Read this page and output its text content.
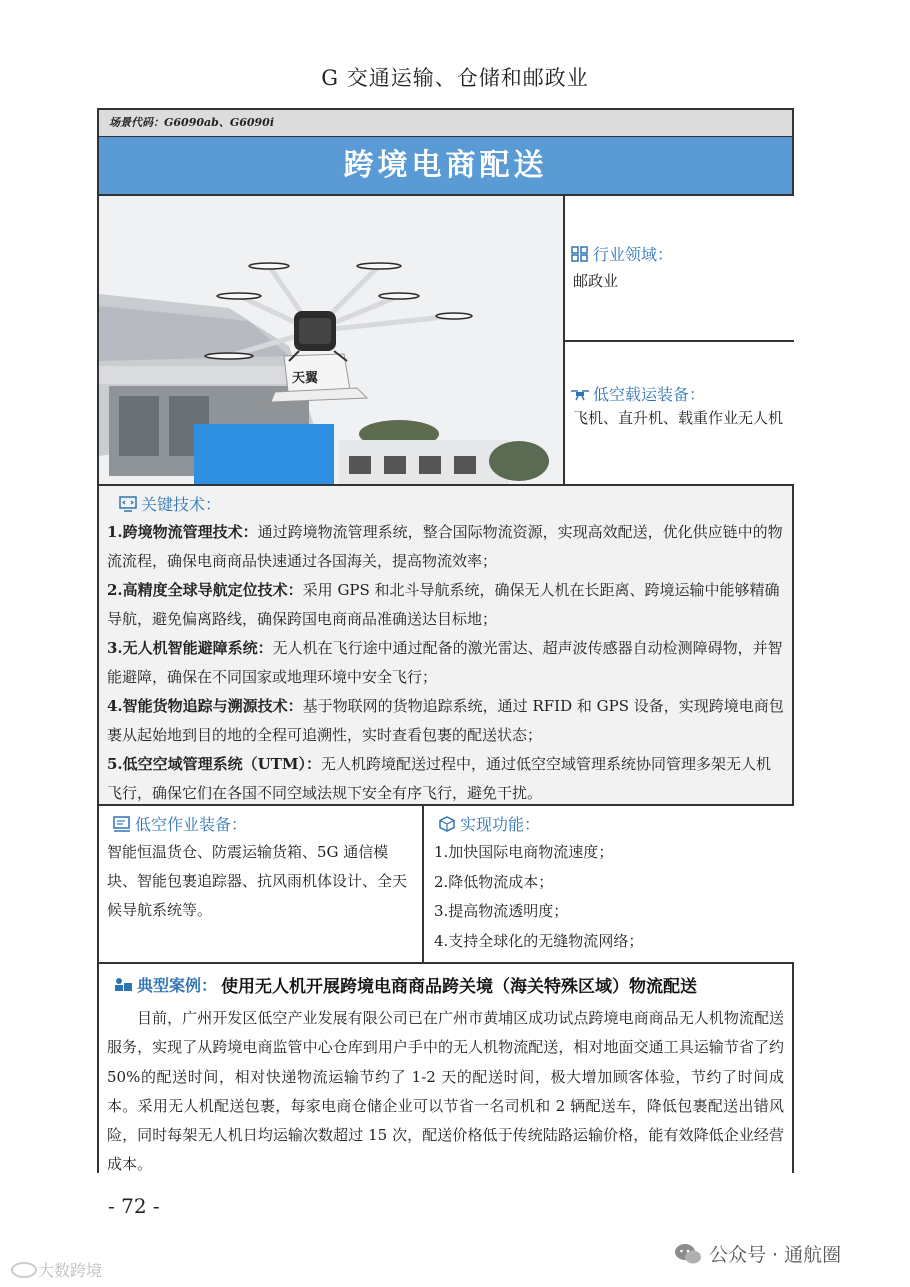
G 交通运输、仓储和邮政业
场景代码：G6090ab、G6090i
跨境电商配送
天翼
行业领域：
邮政业
低空载运装备：
飞机、直升机、载重作业无人机
关键技术：

1.跨境物流管理技术：通过跨境物流管理系统，整合国际物流资源，实现高效配送，优化供应链中的物流流程，确保电商商品快速通过各国海关，提高物流效率；

2.高精度全球导航定位技术：采用 GPS 和北斗导航系统，确保无人机在长距离、跨境运输中能够精确导航，避免偏离路线，确保跨国电商商品准确送达目标地；

3.无人机智能避障系统：无人机在飞行途中通过配备的激光雷达、超声波传感器自动检测障碍物，并智能避障，确保在不同国家或地理环境中安全飞行；

4.智能货物追踪与溯源技术：基于物联网的货物追踪系统，通过 RFID 和 GPS 设备，实现跨境电商包裹从起始地到目的地的全程可追溯性，实时查看包裹的配送状态；

5.低空空域管理系统（UTM）：无人机跨境配送过程中，通过低空空域管理系统协同管理多架无人机飞行，确保它们在各国不同空域法规下安全有序飞行，避免干扰。

低空作业装备：
智能恒温货仓、防震运输货箱、5G 通信模块、智能包裹追踪器、抗风雨机体设计、全天候导航系统等。
实现功能：
1.加快国际电商物流速度；
2.降低物流成本；
3.提高物流透明度；
4.支持全球化的无缝物流网络；
典型案例： 使用无人机开展跨境电商商品跨关境（海关特殊区域）物流配送

目前，广州开发区低空产业发展有限公司已在广州市黄埔区成功试点跨境电商商品无人机物流配送服务，实现了从跨境电商监管中心仓库到用户手中的无人机物流配送，相对地面交通工具运输节省了约 50%的配送时间，相对快递物流运输节约了 1-2 天的配送时间，极大增加顾客体验，节约了时间成本。采用无人机配送包裹，每家电商仓储企业可以节省一名司机和 2 辆配送车，降低包裹配送出错风险，同时每架无人机日均运输次数超过 15 次，配送价格低于传统陆路运输价格，能有效降低企业经营成本。

- 72 -
公众号 · 通航圈
大数跨境
